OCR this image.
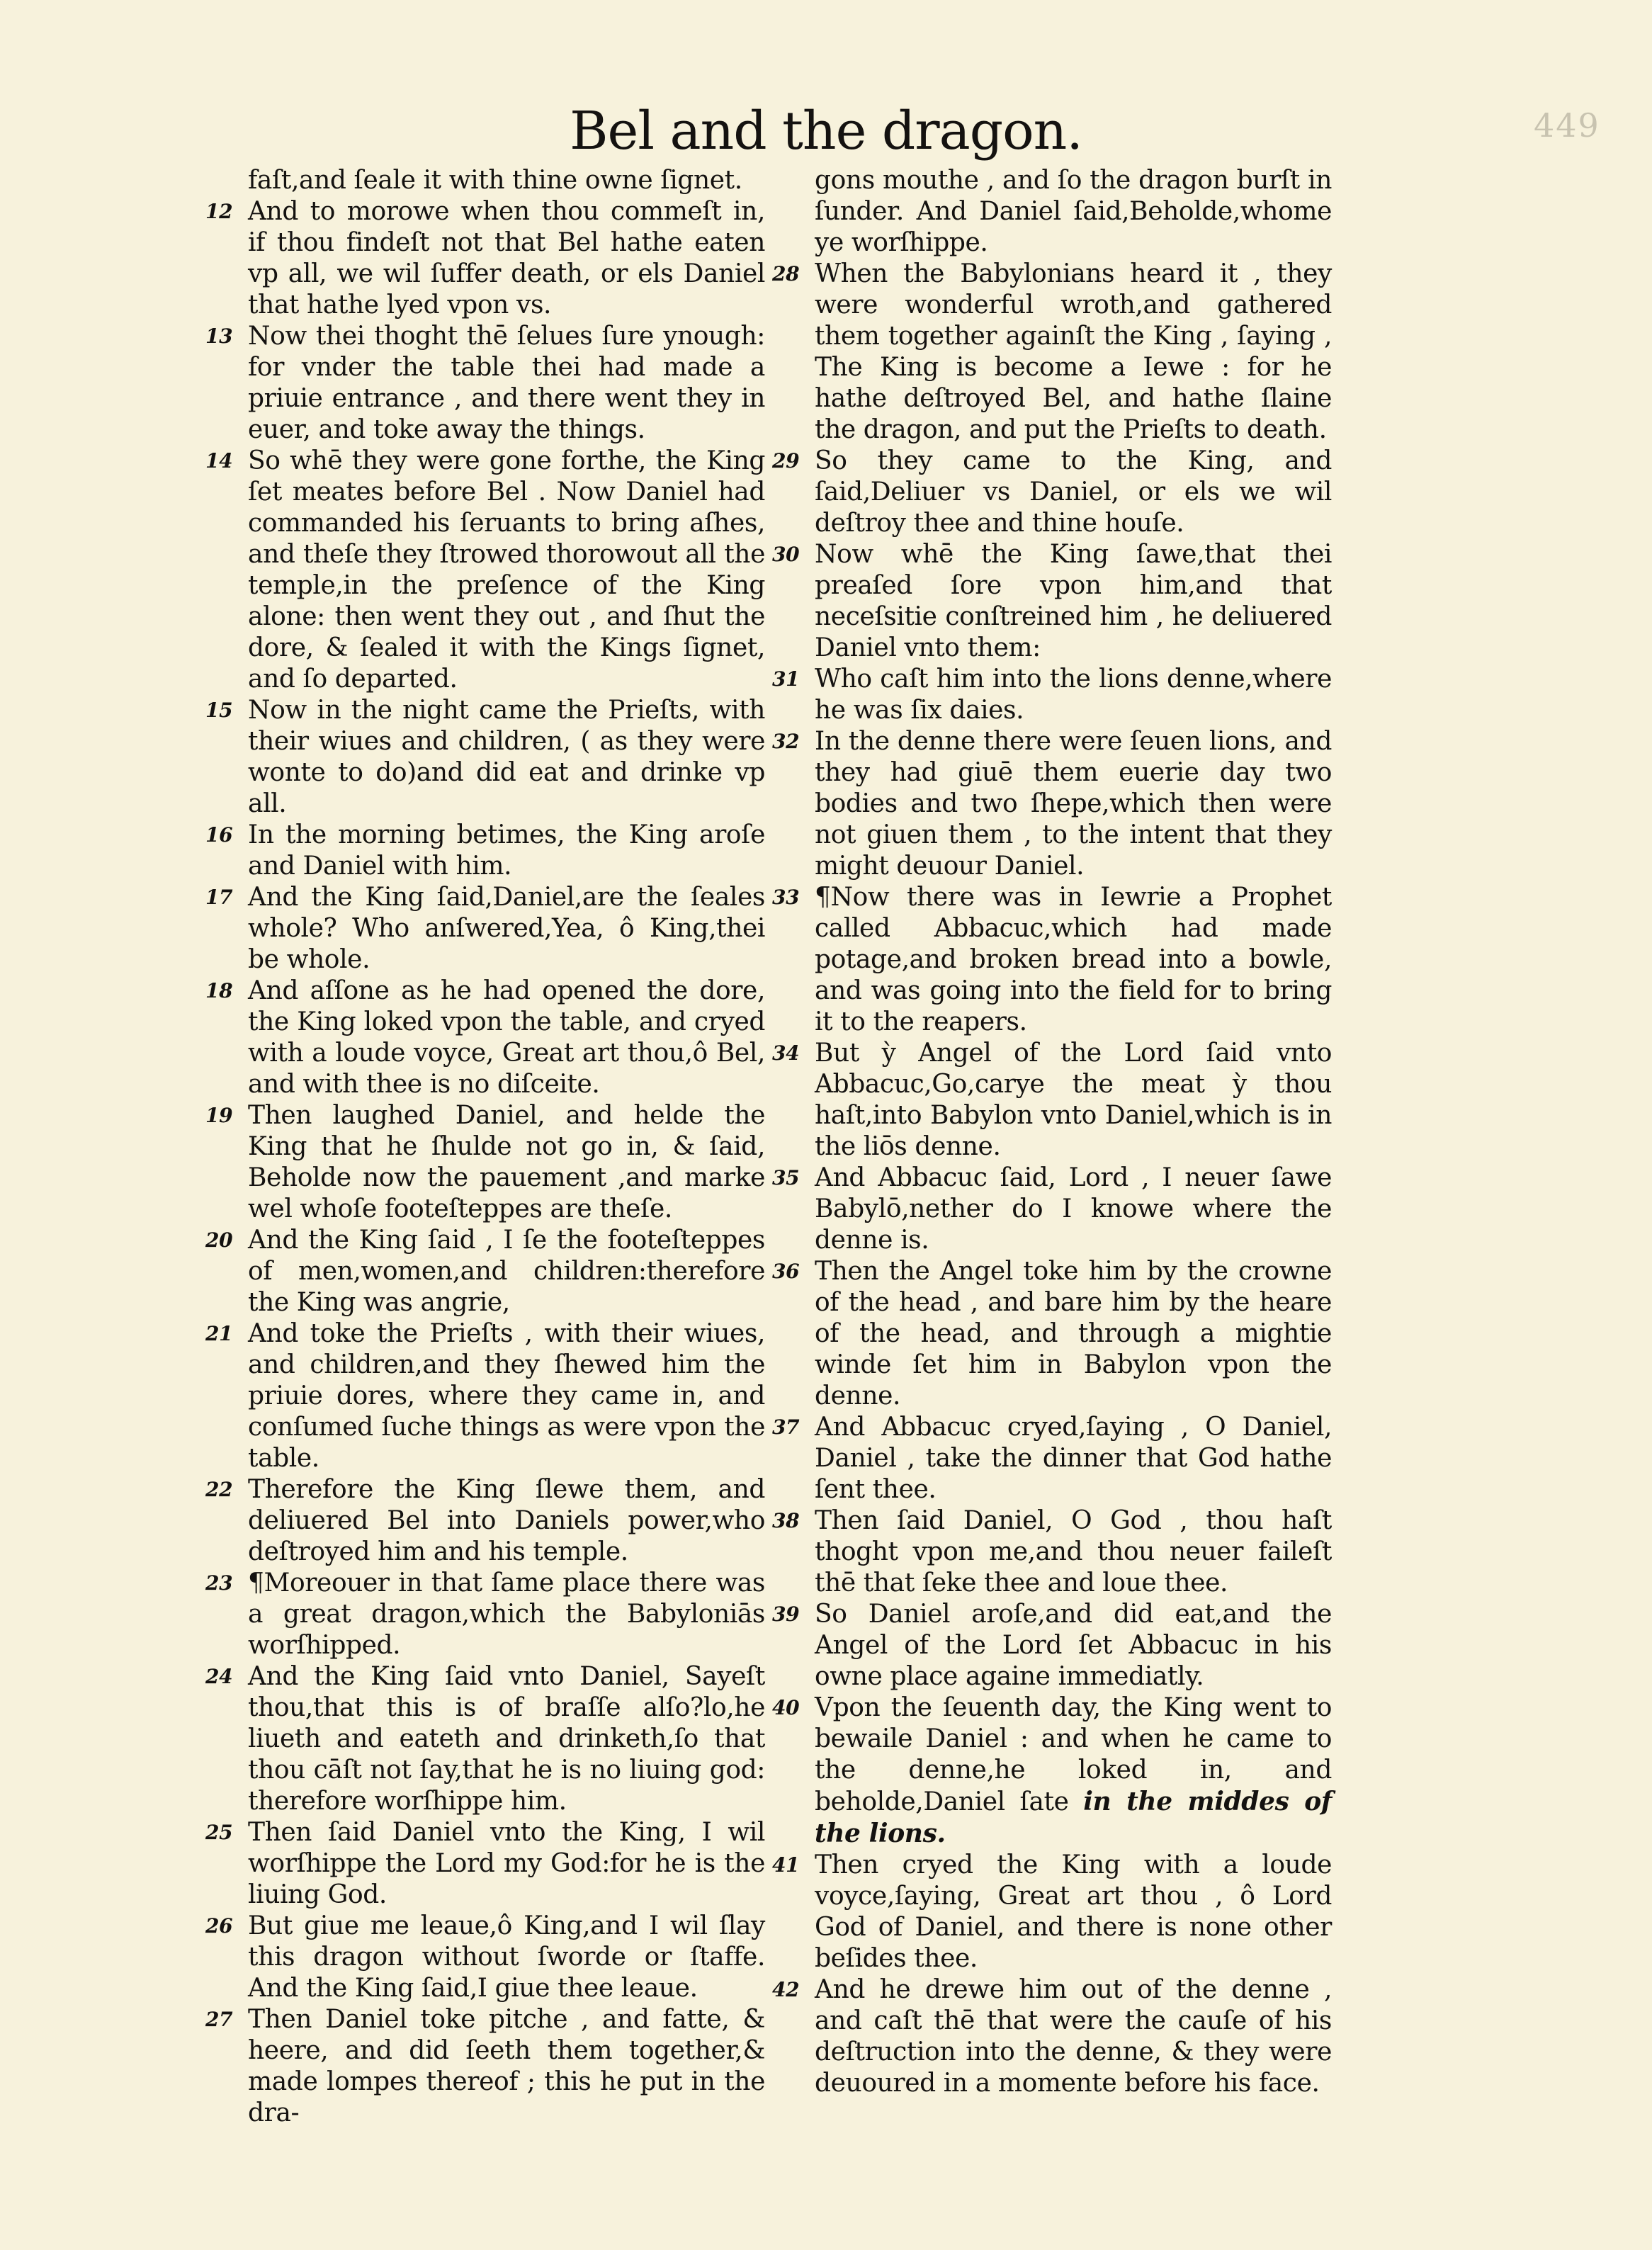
449
Bel and the dragon.

faſt,and ſeale it with thine owne ſignet.

12 And to morowe when thou commeſt in, if thou findeſt not that Bel hathe eaten vp all, we wil ſuffer death, or els Daniel that hathe lyed vpon vs.

13 Now thei thoght thē ſelues ſure ynough: for vnder the table thei had made a priuie entrance , and there went they in euer, and toke away the things.

14 So whē they were gone forthe, the King ſet meates before Bel . Now Daniel had commanded his ſeruants to bring aſhes, and theſe they ſtrowed thorowout all the temple,in the preſence of the King alone: then went they out , and ſhut the dore, & ſealed it with the Kings ſignet, and ſo departed.

15 Now in the night came the Prieſts, with their wiues and children, ( as they were wonte to do)and did eat and drinke vp all.

16 In the morning betimes, the King aroſe and Daniel with him.

17 And the King ſaid,Daniel,are the ſeales whole? Who anſwered,Yea, ô King,thei be whole.

18 And aſſone as he had opened the dore, the King loked vpon the table, and cryed with a loude voyce, Great art thou,ô Bel, and with thee is no diſceite.

19 Then laughed Daniel, and helde the King that he ſhulde not go in, & ſaid, Beholde now the pauement ,and marke wel whoſe footeſteppes are theſe.

20 And the King ſaid , I ſe the footeſteppes of men,women,and children:therefore the King was angrie,

21 And toke the Prieſts , with their wiues, and children,and they ſhewed him the priuie dores, where they came in, and conſumed ſuche things as were vpon the table.

22 Therefore the King ſlewe them, and deliuered Bel into Daniels power,who deſtroyed him and his temple.

23 ¶Moreouer in that ſame place there was a great dragon,which the Babyloniās worſhipped.

24 And the King ſaid vnto Daniel, Sayeſt thou,that this is of braſſe alſo?lo,he liueth and eateth and drinketh,ſo that thou cāſt not ſay,that he is no liuing god: therefore worſhippe him.

25 Then ſaid Daniel vnto the King, I wil worſhippe the Lord my God:for he is the liuing God.

26 But giue me leaue,ô King,and I wil ſlay this dragon without ſworde or ſtaffe. And the King ſaid,I giue thee leaue.

27 Then Daniel toke pitche , and fatte, & heere, and did ſeeth them together,& made lompes thereof ; this he put in the dra-

gons mouthe , and ſo the dragon burſt in ſunder. And Daniel ſaid,Beholde,whome ye worſhippe.

28 When the Babylonians heard it , they were wonderful wroth,and gathered them together againſt the King , ſaying , The King is become a Iewe : for he hathe deſtroyed Bel, and hathe ſlaine the dragon, and put the Prieſts to death.

29 So they came to the King, and ſaid,Deliuer vs Daniel, or els we wil deſtroy thee and thine houſe.

30 Now whē the King ſawe,that thei preaſed ſore vpon him,and that neceſsitie conſtreined him , he deliuered Daniel vnto them:

31 Who caſt him into the lions denne,where he was ſix daies.

32 In the denne there were ſeuen lions, and they had giuē them euerie day two bodies and two ſhepe,which then were not giuen them , to the intent that they might deuour Daniel.

33 ¶Now there was in Iewrie a Prophet called Abbacuc,which had made potage,and broken bread into a bowle, and was going into the field for to bring it to the reapers.

34 But ỳ Angel of the Lord ſaid vnto Abbacuc,Go,carye the meat ỳ thou haſt,into Babylon vnto Daniel,which is in the liōs denne.

35 And Abbacuc ſaid, Lord , I neuer ſawe Babylō,nether do I knowe where the denne is.

36 Then the Angel toke him by the crowne of the head , and bare him by the heare of the head, and through a mightie winde ſet him in Babylon vpon the denne.

37 And Abbacuc cryed,ſaying , O Daniel, Daniel , take the dinner that God hathe ſent thee.

38 Then ſaid Daniel, O God , thou haſt thoght vpon me,and thou neuer faileſt thē that ſeke thee and loue thee.

39 So Daniel aroſe,and did eat,and the Angel of the Lord ſet Abbacuc in his owne place againe immediatly.

40 Vpon the ſeuenth day, the King went to bewaile Daniel : and when he came to the denne,he loked in, and beholde,Daniel ſate in the middes of the lions.

41 Then cryed the King with a loude voyce,ſaying, Great art thou , ô Lord God of Daniel, and there is none other beſides thee.

42 And he drewe him out of the denne , and caſt thē that were the cauſe of his deſtruction into the denne, & they were deuoured in a momente before his face.
